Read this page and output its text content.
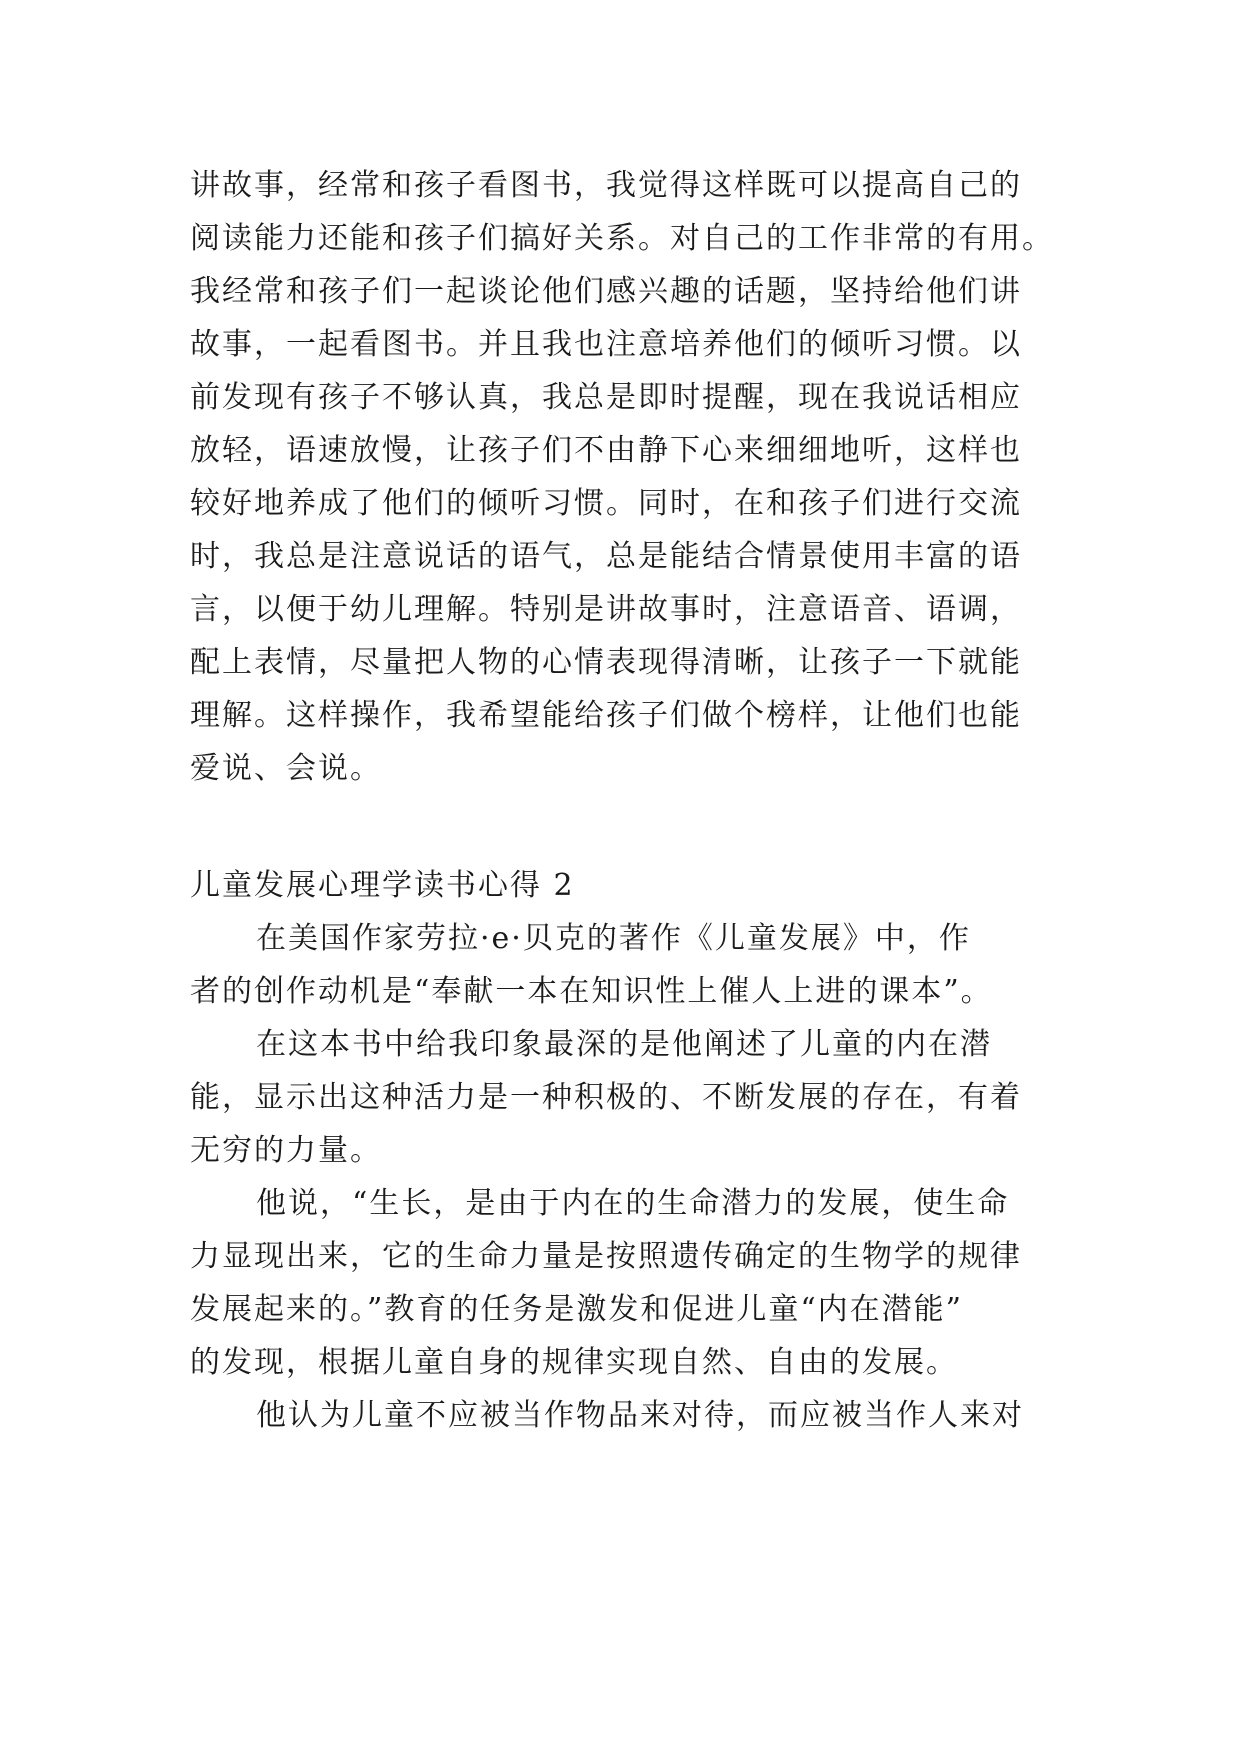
讲故事，经常和孩子看图书，我觉得这样既可以提高自己的
阅读能力还能和孩子们搞好关系。对自己的工作非常的有用。
我经常和孩子们一起谈论他们感兴趣的话题，坚持给他们讲
故事，一起看图书。并且我也注意培养他们的倾听习惯。以
前发现有孩子不够认真，我总是即时提醒，现在我说话相应
放轻，语速放慢，让孩子们不由静下心来细细地听，这样也
较好地养成了他们的倾听习惯。同时，在和孩子们进行交流
时，我总是注意说话的语气，总是能结合情景使用丰富的语
言，以便于幼儿理解。特别是讲故事时，注意语音、语调，
配上表情，尽量把人物的心情表现得清晰，让孩子一下就能
理解。这样操作，我希望能给孩子们做个榜样，让他们也能
爱说、会说。
儿童发展心理学读书心得 2
在美国作家劳拉·e·贝克的著作《儿童发展》中，作
者的创作动机是“奉献一本在知识性上催人上进的课本”。
在这本书中给我印象最深的是他阐述了儿童的内在潜
能，显示出这种活力是一种积极的、不断发展的存在，有着
无穷的力量。
他说，“生长，是由于内在的生命潜力的发展，使生命
力显现出来，它的生命力量是按照遗传确定的生物学的规律
发展起来的。”教育的任务是激发和促进儿童“内在潜能”
的发现，根据儿童自身的规律实现自然、自由的发展。
他认为儿童不应被当作物品来对待，而应被当作人来对
